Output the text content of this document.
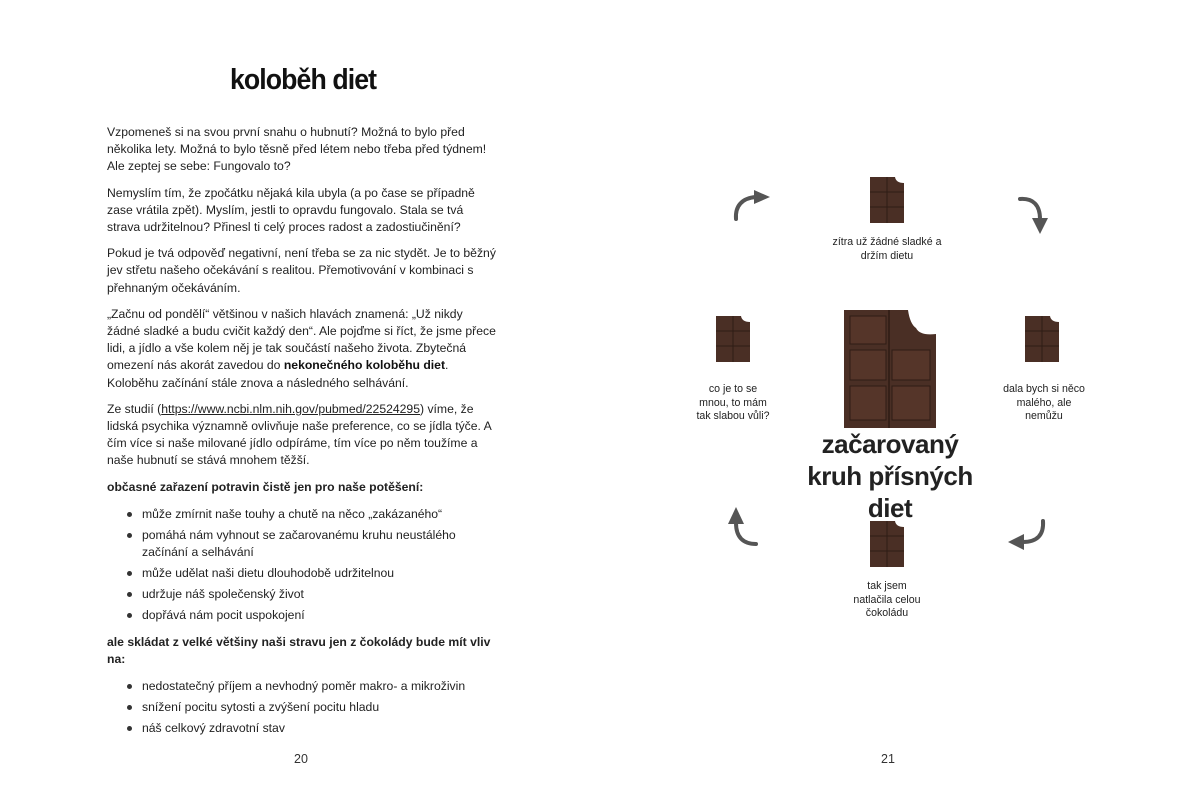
koloběh diet

Vzpomeneš si na svou první snahu o hubnutí? Možná to bylo před několika lety. Možná to bylo těsně před létem nebo třeba před týdnem! Ale zeptej se sebe: Fungovalo to?

Nemyslím tím, že zpočátku nějaká kila ubyla (a po čase se případně zase vrátila zpět). Myslím, jestli to opravdu fungovalo. Stala se tvá strava udržitelnou? Přinesl ti celý proces radost a zadostiučinění?

Pokud je tvá odpověď negativní, není třeba se za nic stydět. Je to běžný jev střetu našeho očekávání s realitou. Přemotivování v kombinaci s přehnaným očekáváním.

„Začnu od pondělí“ většinou v našich hlavách znamená: „Už nikdy žádné sladké a budu cvičit každý den“. Ale pojďme si říct, že jsme přece lidi, a jídlo a vše kolem něj je tak součástí našeho života. Zbytečná omezení nás akorát zavedou do nekonečného koloběhu diet. Koloběhu začínání stále znova a následného selhávání.

Ze studií (https://www.ncbi.nlm.nih.gov/pubmed/22524295) víme, že lidská psychika významně ovlivňuje naše preference, co se jídla týče. A čím více si naše milované jídlo odpíráme, tím více po něm toužíme a naše hubnutí se stává mnohem těžší.

občasné zařazení potravin čistě jen pro naše potěšení:

může zmírnit naše touhy a chutě na něco „zakázaného“
pomáhá nám vyhnout se začarovanému kruhu neustálého začínání a selhávání
může udělat naši dietu dlouhodobě udržitelnou
udržuje náš společenský život
dopřává nám pocit uspokojení

ale skládat z velké většiny naši stravu jen z čokolády bude mít vliv na:

nedostatečný příjem a nevhodný poměr makro- a mikroživin
snížení pocitu sytosti a zvýšení pocitu hladu
náš celkový zdravotní stav
20
zítra už žádné sladké a držím dietu
dala bych si něco malého, ale nemůžu
tak jsem natlačila celou čokoládu
co je to se mnou, to mám tak slabou vůli?
začarovaný kruh přísných diet
21
